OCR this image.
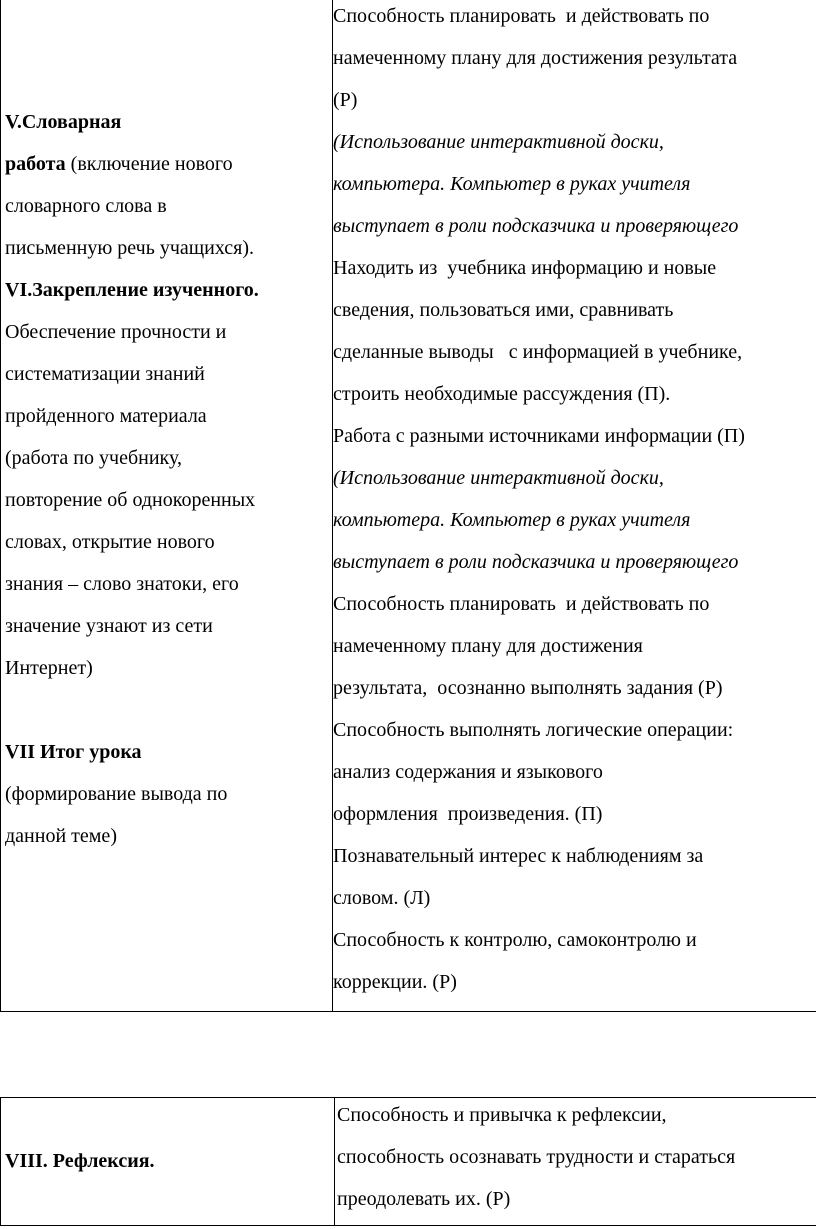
V.Словарная
работа (включение нового
словарного слова в
письменную речь учащихся).
VI.Закрепление изученного.
Обеспечение прочности и
систематизации знаний
пройденного материала
(работа по учебнику,
повторение об однокоренных
словах, открытие нового
знания – слово знатоки, его
значение узнают из сети
Интернет)
VII Итог урока
(формирование вывода по
данной теме)
Способность планировать  и действовать по
намеченному плану для достижения результата
(Р)
(Использование интерактивной доски,
компьютера. Компьютер в руках учителя
выступает в роли подсказчика и проверяющего
Находить из  учебника информацию и новые
сведения, пользоваться ими, сравнивать
сделанные выводы   с информацией в учебнике,
строить необходимые рассуждения (П).
Работа с разными источниками информации (П)
(Использование интерактивной доски,
компьютера. Компьютер в руках учителя
выступает в роли подсказчика и проверяющего
Способность планировать  и действовать по
намеченному плану для достижения
результата,  осознанно выполнять задания (Р)
Способность выполнять логические операции:
анализ содержания и языкового
оформления  произведения. (П)
Познавательный интерес к наблюдениям за
словом. (Л)
Способность к контролю, самоконтролю и
коррекции. (Р)
VIII. Рефлексия.
Способность и привычка к рефлексии,
способность осознавать трудности и стараться
преодолевать их. (Р)
